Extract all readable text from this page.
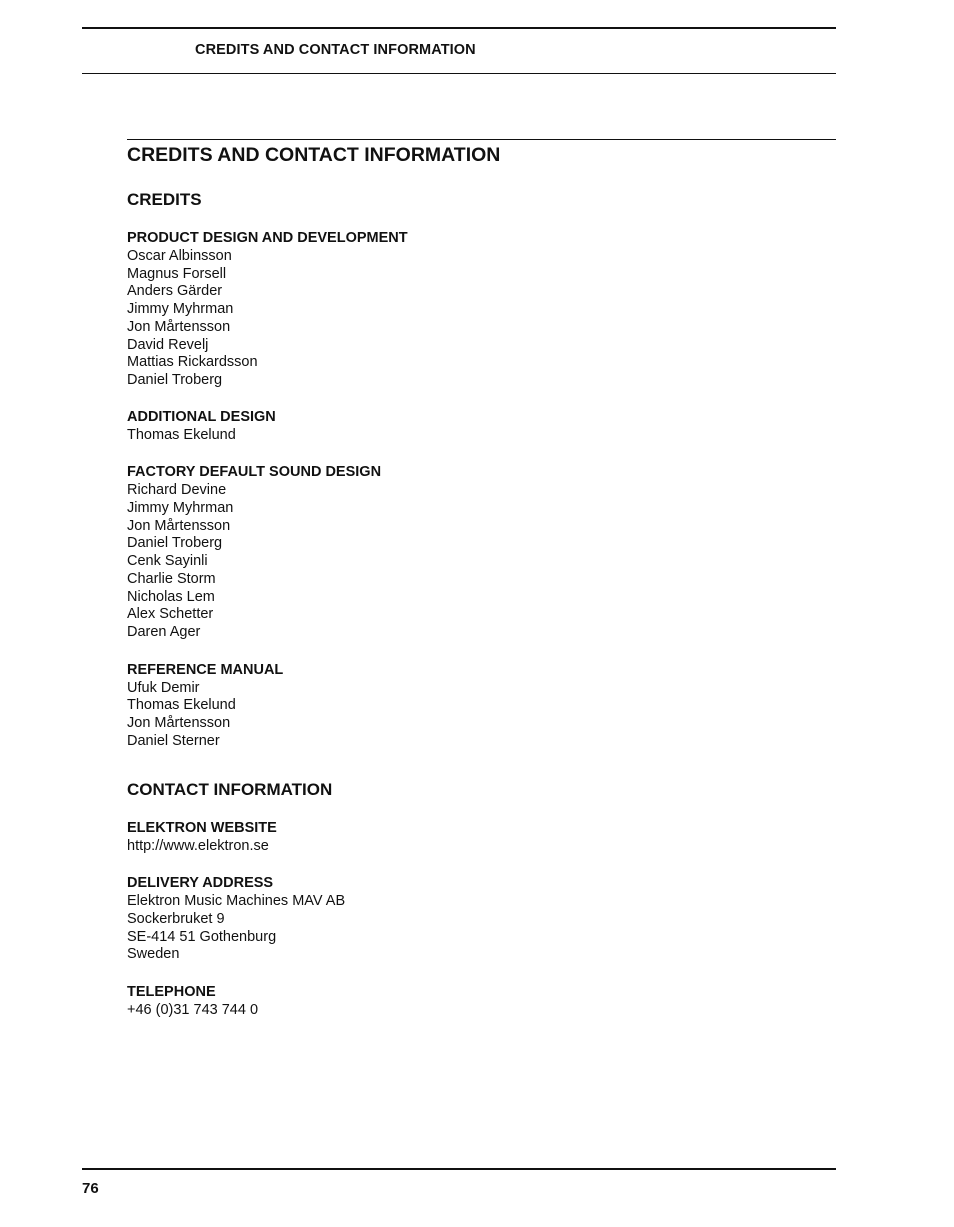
CREDITS AND CONTACT INFORMATION
CREDITS AND CONTACT INFORMATION
CREDITS
PRODUCT DESIGN AND DEVELOPMENT

Oscar Albinsson

Magnus Forsell

Anders Gärder

Jimmy Myhrman

Jon Mårtensson

David Revelj

Mattias Rickardsson

Daniel Troberg

ADDITIONAL DESIGN

Thomas Ekelund

FACTORY DEFAULT SOUND DESIGN

Richard Devine

Jimmy Myhrman

Jon Mårtensson

Daniel Troberg

Cenk Sayinli

Charlie Storm

Nicholas Lem

Alex Schetter

Daren Ager

REFERENCE MANUAL

Ufuk Demir

Thomas Ekelund

Jon Mårtensson

Daniel Sterner

CONTACT INFORMATION
ELEKTRON WEBSITE

http://www.elektron.se

DELIVERY ADDRESS

Elektron Music Machines MAV AB

Sockerbruket 9

SE-414 51 Gothenburg

Sweden

TELEPHONE

+46 (0)31 743 744 0

76
